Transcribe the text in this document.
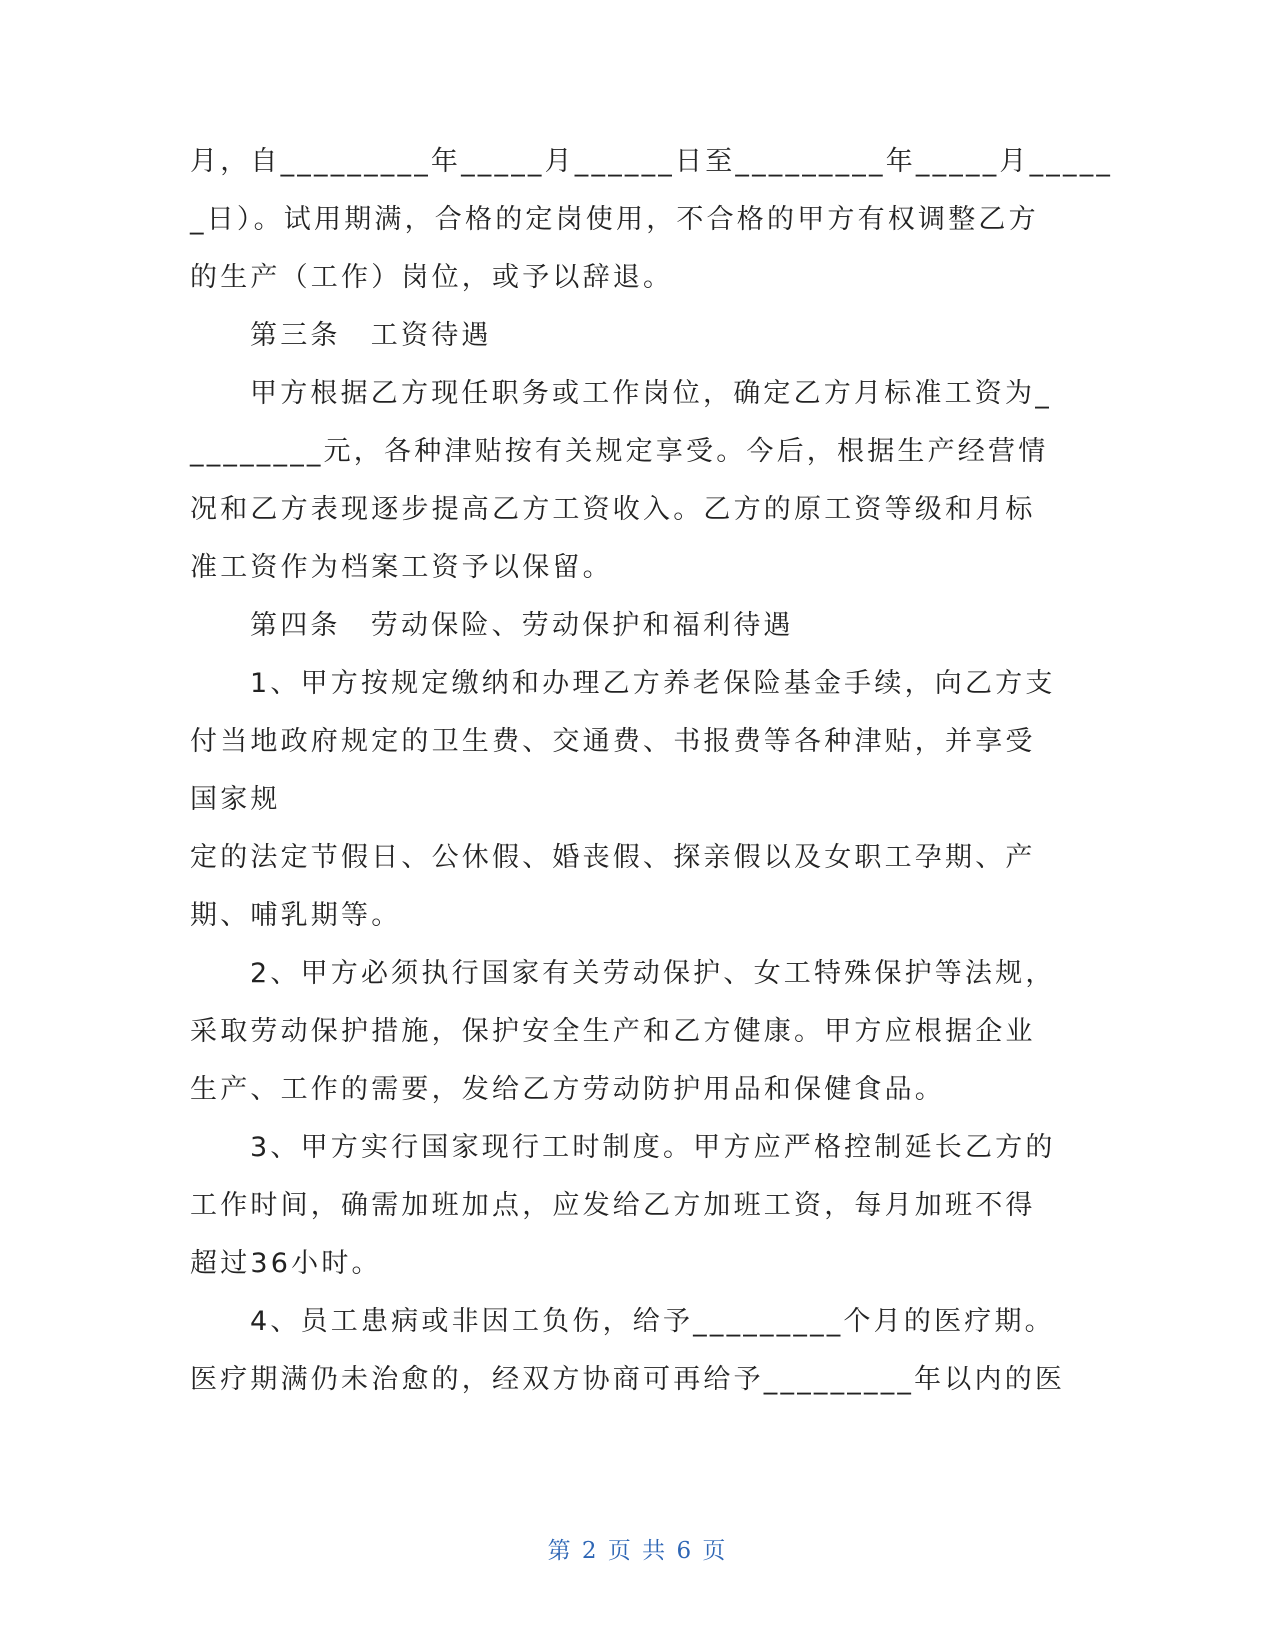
月，自_________年_____月______日至_________年_____月_____
_日）。试用期满，合格的定岗使用，不合格的甲方有权调整乙方
的生产（工作）岗位，或予以辞退。
第三条　工资待遇
甲方根据乙方现任职务或工作岗位，确定乙方月标准工资为_
________元，各种津贴按有关规定享受。今后，根据生产经营情
况和乙方表现逐步提高乙方工资收入。乙方的原工资等级和月标
准工资作为档案工资予以保留。
第四条　劳动保险、劳动保护和福利待遇
1、甲方按规定缴纳和办理乙方养老保险基金手续，向乙方支
付当地政府规定的卫生费、交通费、书报费等各种津贴，并享受
国家规
定的法定节假日、公休假、婚丧假、探亲假以及女职工孕期、产
期、哺乳期等。
2、甲方必须执行国家有关劳动保护、女工特殊保护等法规，
采取劳动保护措施，保护安全生产和乙方健康。甲方应根据企业
生产、工作的需要，发给乙方劳动防护用品和保健食品。
3、甲方实行国家现行工时制度。甲方应严格控制延长乙方的
工作时间，确需加班加点，应发给乙方加班工资，每月加班不得
超过36小时。
4、员工患病或非因工负伤，给予_________个月的医疗期。
医疗期满仍未治愈的，经双方协商可再给予_________年以内的医
第 2 页 共 6 页
